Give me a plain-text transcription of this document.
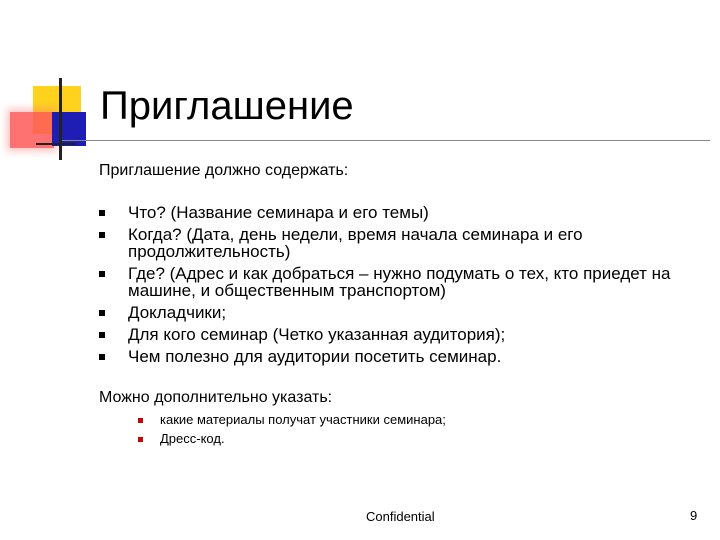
Приглашение
Приглашение должно содержать:
Что? (Название семинара и его темы)
Когда? (Дата, день недели, время начала семинара и его продолжительность)
Где? (Адрес и как добраться – нужно подумать о тех, кто приедет на машине, и общественным транспортом)
Докладчики;
Для кого семинар (Четко указанная аудитория);
Чем полезно для аудитории посетить семинар.
Можно дополнительно указать:
какие материалы получат участники семинара;
Дресс-код.
Confidential	9
